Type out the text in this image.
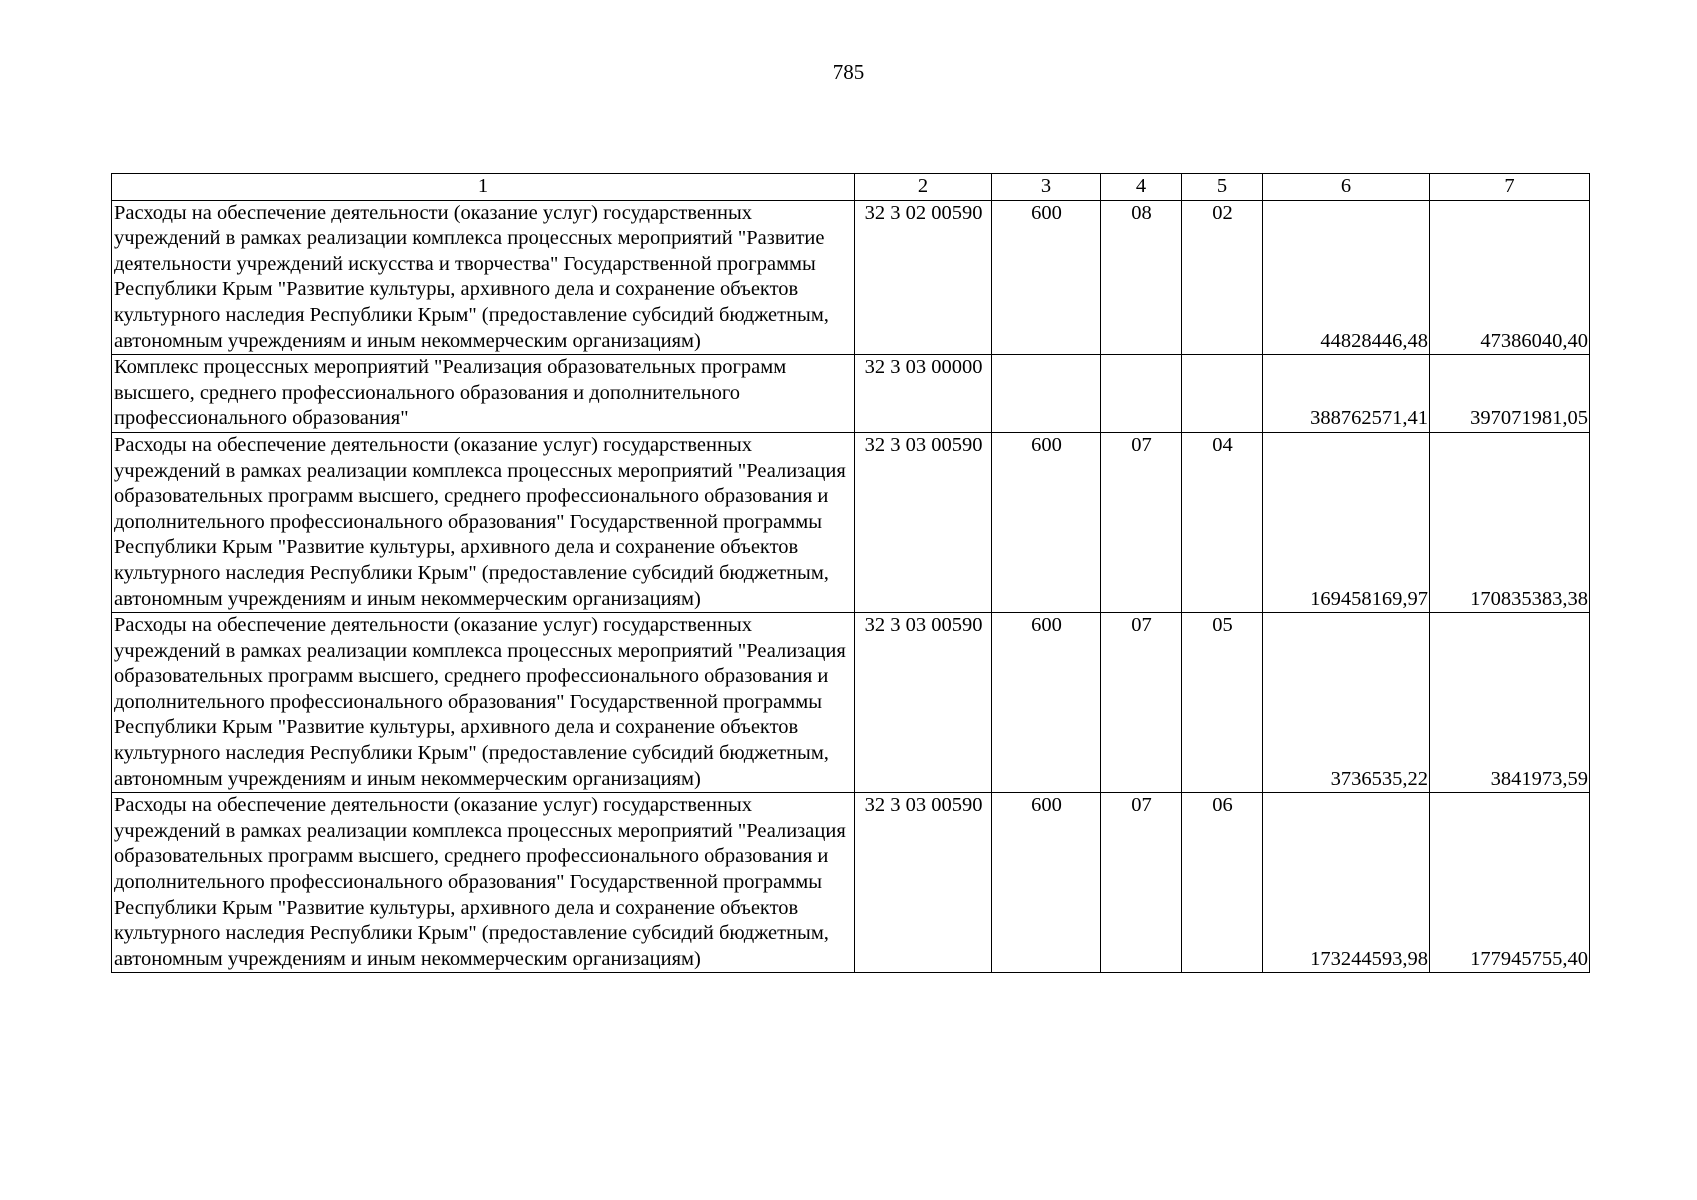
785
1	2	3	4	5	6	7
Расходы на обеспечение деятельности (оказание услуг) государственных учреждений в рамках реализации комплекса процессных мероприятий "Развитие деятельности учреждений искусства и творчества" Государственной программы Республики Крым "Развитие культуры, архивного дела и сохранение объектов культурного наследия Республики Крым" (предоставление субсидий бюджетным, автономным учреждениям и иным некоммерческим организациям)	32 3 02 00590	600	08	02	44828446,48	47386040,40
Комплекс процессных мероприятий "Реализация образовательных программ высшего, среднего профессионального образования и дополнительного профессионального образования"	32 3 03 00000				388762571,41	397071981,05
Расходы на обеспечение деятельности (оказание услуг) государственных учреждений в рамках реализации комплекса процессных мероприятий "Реализация образовательных программ высшего, среднего профессионального образования и дополнительного профессионального образования" Государственной программы Республики Крым "Развитие культуры, архивного дела и сохранение объектов культурного наследия Республики Крым" (предоставление субсидий бюджетным, автономным учреждениям и иным некоммерческим организациям)	32 3 03 00590	600	07	04	169458169,97	170835383,38
Расходы на обеспечение деятельности (оказание услуг) государственных учреждений в рамках реализации комплекса процессных мероприятий "Реализация образовательных программ высшего, среднего профессионального образования и дополнительного профессионального образования" Государственной программы Республики Крым "Развитие культуры, архивного дела и сохранение объектов культурного наследия Республики Крым" (предоставление субсидий бюджетным, автономным учреждениям и иным некоммерческим организациям)	32 3 03 00590	600	07	05	3736535,22	3841973,59
Расходы на обеспечение деятельности (оказание услуг) государственных учреждений в рамках реализации комплекса процессных мероприятий "Реализация образовательных программ высшего, среднего профессионального образования и дополнительного профессионального образования" Государственной программы Республики Крым "Развитие культуры, архивного дела и сохранение объектов культурного наследия Республики Крым" (предоставление субсидий бюджетным, автономным учреждениям и иным некоммерческим организациям)	32 3 03 00590	600	07	06	173244593,98	177945755,40
